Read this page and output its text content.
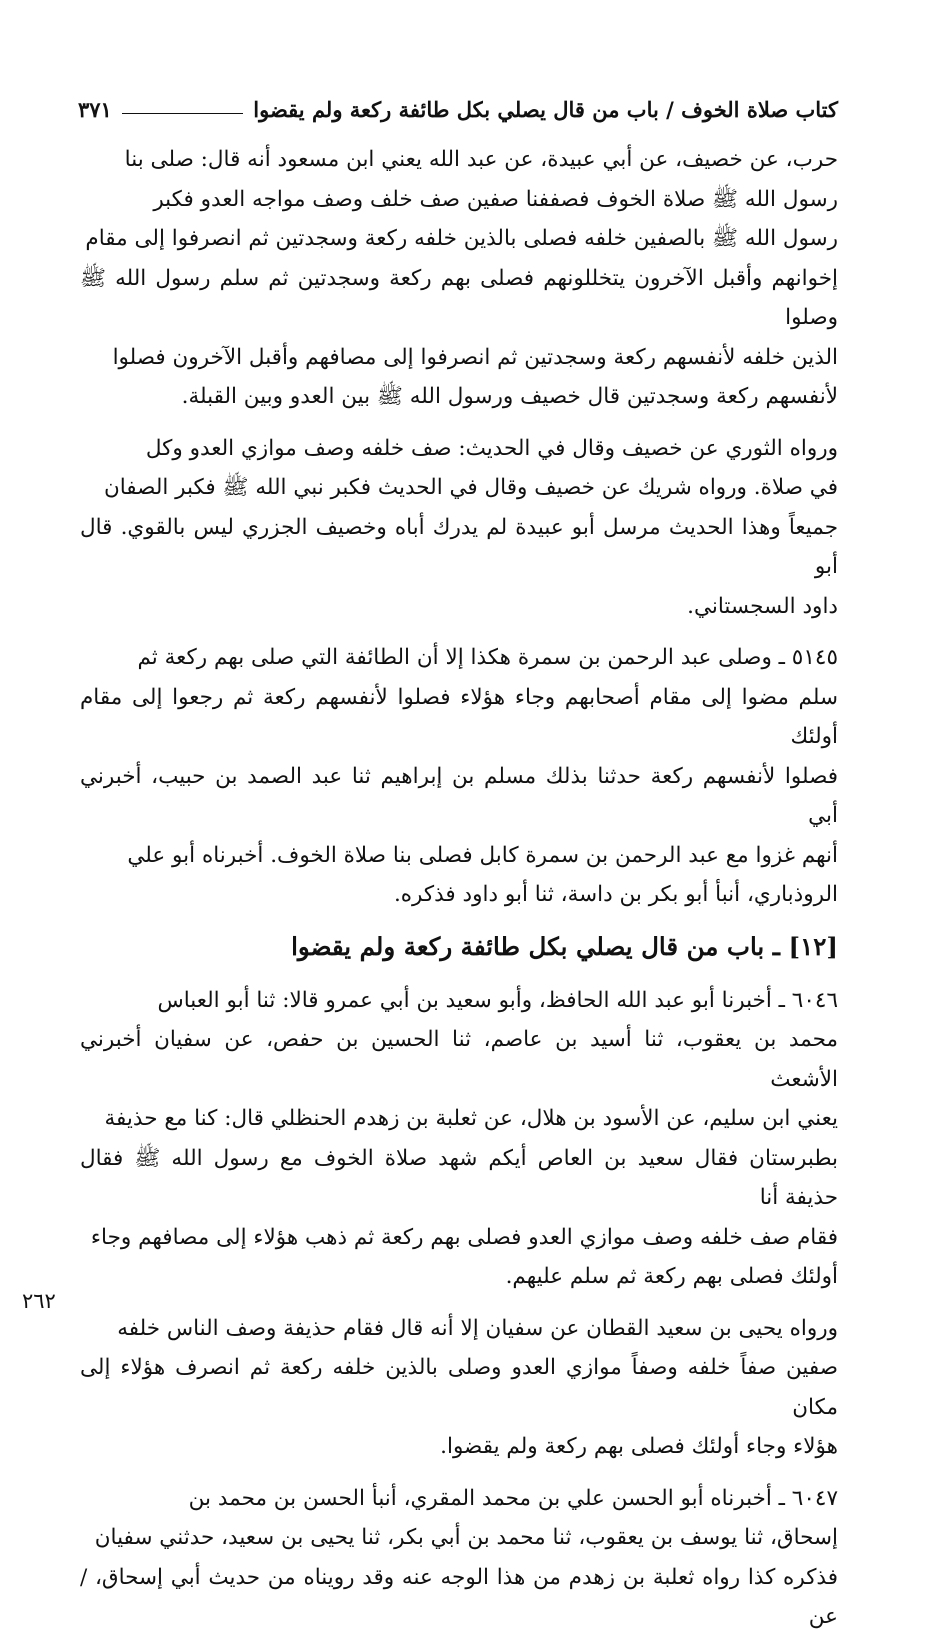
كتاب صلاة الخوف / باب من قال يصلي بكل طائفة ركعة ولم يقضوا
٣٧١

حرب، عن خصيف، عن أبي عبيدة، عن عبد الله يعني ابن مسعود أنه قال: صلى بنا

رسول الله ﷺ صلاة الخوف فصففنا صفين صف خلف وصف مواجه العدو فكبر

رسول الله ﷺ بالصفين خلفه فصلى بالذين خلفه ركعة وسجدتين ثم انصرفوا إلى مقام

إخوانهم وأقبل الآخرون يتخللونهم فصلى بهم ركعة وسجدتين ثم سلم رسول الله ﷺ وصلوا

الذين خلفه لأنفسهم ركعة وسجدتين ثم انصرفوا إلى مصافهم وأقبل الآخرون فصلوا

لأنفسهم ركعة وسجدتين قال خصيف ورسول الله ﷺ بين العدو وبين القبلة.

ورواه الثوري عن خصيف وقال في الحديث: صف خلفه وصف موازي العدو وكل

في صلاة. ورواه شريك عن خصيف وقال في الحديث فكبر نبي الله ﷺ فكبر الصفان

جميعاً وهذا الحديث مرسل أبو عبيدة لم يدرك أباه وخصيف الجزري ليس بالقوي. قال أبو

داود السجستاني.

٥١٤٥ ـ وصلى عبد الرحمن بن سمرة هكذا إلا أن الطائفة التي صلى بهم ركعة ثم

سلم مضوا إلى مقام أصحابهم وجاء هؤلاء فصلوا لأنفسهم ركعة ثم رجعوا إلى مقام أولئك

فصلوا لأنفسهم ركعة حدثنا بذلك مسلم بن إبراهيم ثنا عبد الصمد بن حبيب، أخبرني أبي

أنهم غزوا مع عبد الرحمن بن سمرة كابل فصلى بنا صلاة الخوف. أخبرناه أبو علي

الروذباري، أنبأ أبو بكر بن داسة، ثنا أبو داود فذكره.

[١٢] ـ باب من قال يصلي بكل طائفة ركعة ولم يقضوا

٦٠٤٦ ـ أخبرنا أبو عبد الله الحافظ، وأبو سعيد بن أبي عمرو قالا: ثنا أبو العباس

محمد بن يعقوب، ثنا أسيد بن عاصم، ثنا الحسين بن حفص، عن سفيان أخبرني الأشعث

يعني ابن سليم، عن الأسود بن هلال، عن ثعلبة بن زهدم الحنظلي قال: كنا مع حذيفة

بطبرستان فقال سعيد بن العاص أيكم شهد صلاة الخوف مع رسول الله ﷺ فقال حذيفة أنا

فقام صف خلفه وصف موازي العدو فصلى بهم ركعة ثم ذهب هؤلاء إلى مصافهم وجاء

أولئك فصلى بهم ركعة ثم سلم عليهم.

ورواه يحيى بن سعيد القطان عن سفيان إلا أنه قال فقام حذيفة وصف الناس خلفه

صفين صفاً خلفه وصفاً موازي العدو وصلى بالذين خلفه ركعة ثم انصرف هؤلاء إلى مكان

هؤلاء وجاء أولئك فصلى بهم ركعة ولم يقضوا.

٦٠٤٧ ـ أخبرناه أبو الحسن علي بن محمد المقري، أنبأ الحسن بن محمد بن

إسحاق، ثنا يوسف بن يعقوب، ثنا محمد بن أبي بكر، ثنا يحيى بن سعيد، حدثني سفيان

فذكره كذا رواه ثعلبة بن زهدم من هذا الوجه عنه وقد رويناه من حديث أبي إسحاق، /عن

٢٦٢
